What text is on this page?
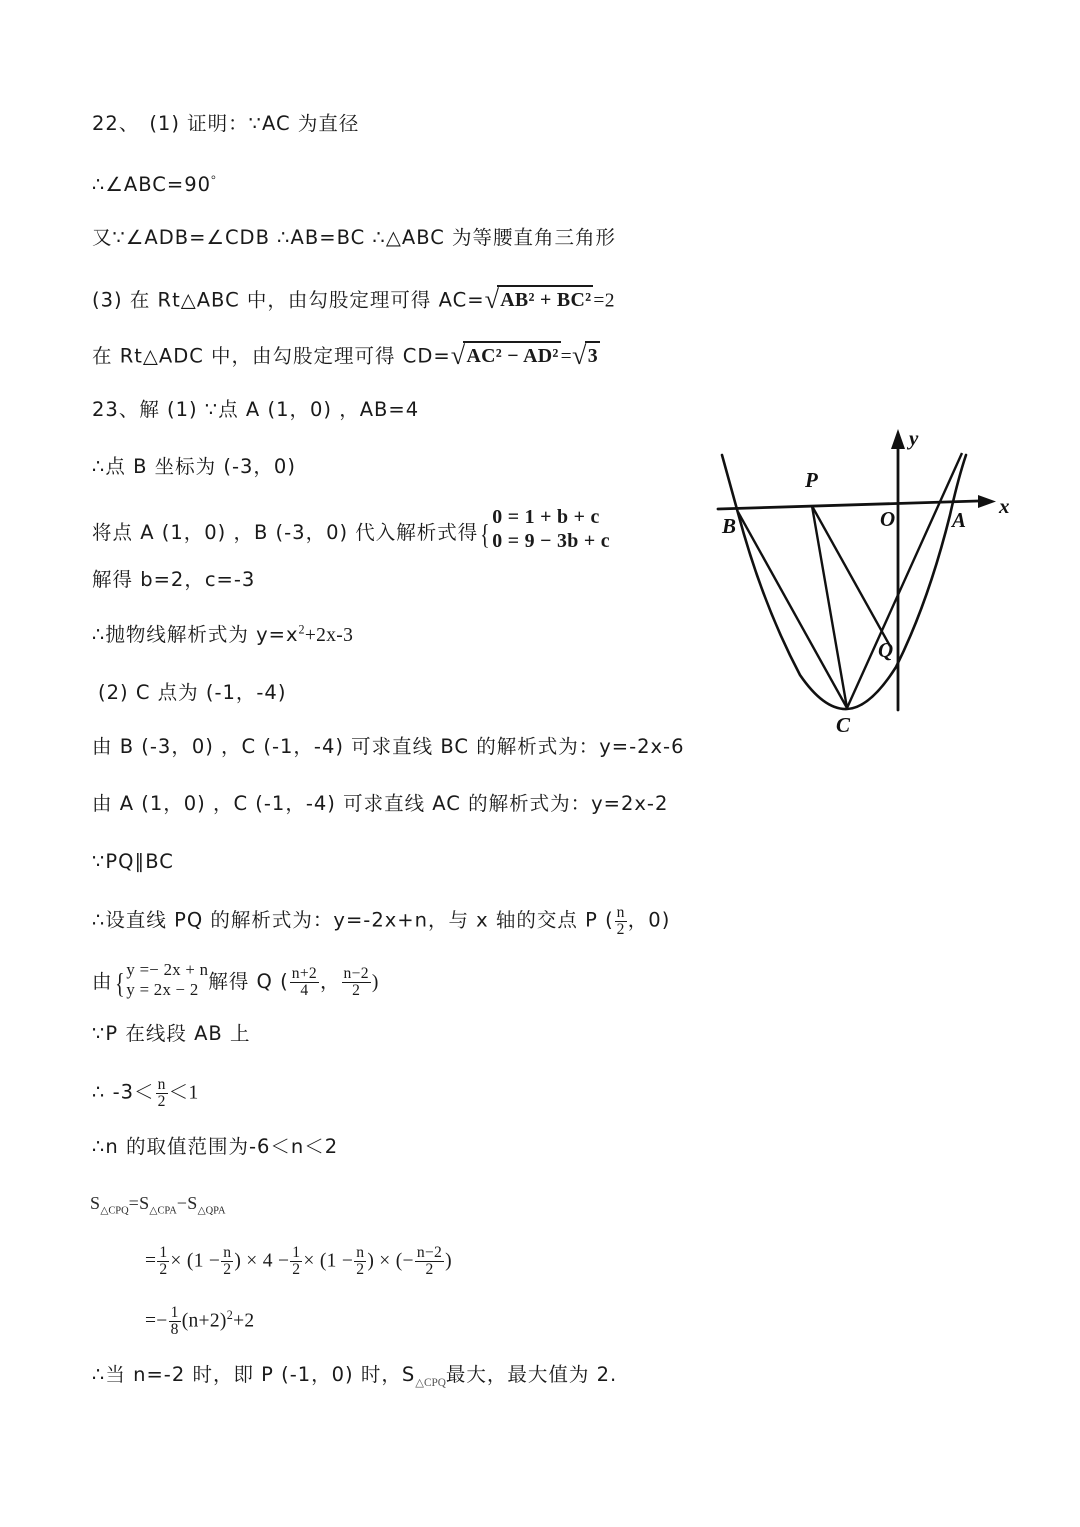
22、 (1) 证明：∵AC 为直径
∴∠ABC=90°
又∵∠ADB=∠CDB ∴AB=BC ∴△ABC 为等腰直角三角形
(3) 在 Rt△ABC 中，由勾股定理可得 AC=√AB² + BC² =2
在 Rt△ADC 中，由勾股定理可得 CD=√AC² − AD² =√3
23、解 (1) ∵点 A (1，0) ，AB=4
∴点 B 坐标为 (-3，0)
将点 A (1，0) ，B (-3，0) 代入解析式得{
0 = 1 + b + c
0 = 9 − 3b + c
解得 b=2，c=-3
∴抛物线解析式为 $y=x^2+2x-3$
(2) C 点为 (-1，-4)
由 B (-3，0) ，C (-1，-4) 可求直线 BC 的解析式为：y=-2x-6
由 A (1，0) ，C (-1，-4) 可求直线 AC 的解析式为：y=2x-2
∵PQ∥BC
∴设直线 PQ 的解析式为：y=-2x+n，与 x 轴的交点 P ( $\frac{n}{2}$ ，0)
由{ y =− 2x + n
y = 2x − 2 解得 Q ( $\frac{n+2}{4}$ ， $\frac{n-2}{2}$ )
∵P 在线段 AB 上
∴ $-3< \frac{n}{2} <1$
∴n 的取值范围为-6＜n＜2
$S_{\triangle CPQ}=S_{\triangle CPA}-S_{\triangle QPA}$
= $\frac{1}{2} \times (1 - \frac{n}{2}$ ) × $4 - \frac{1}{2} \times (1 - \frac{n}{2}$ ) × (− $\frac{n-2}{2}$ )
=− $\frac{1}{8} (n+2)^2+2$
∴当 n=-2 时，即 P (-1，0) 时，$S_{\triangle CPQ}$最大，最大值为 2.
B
P
O	A
Q
C
x
y
